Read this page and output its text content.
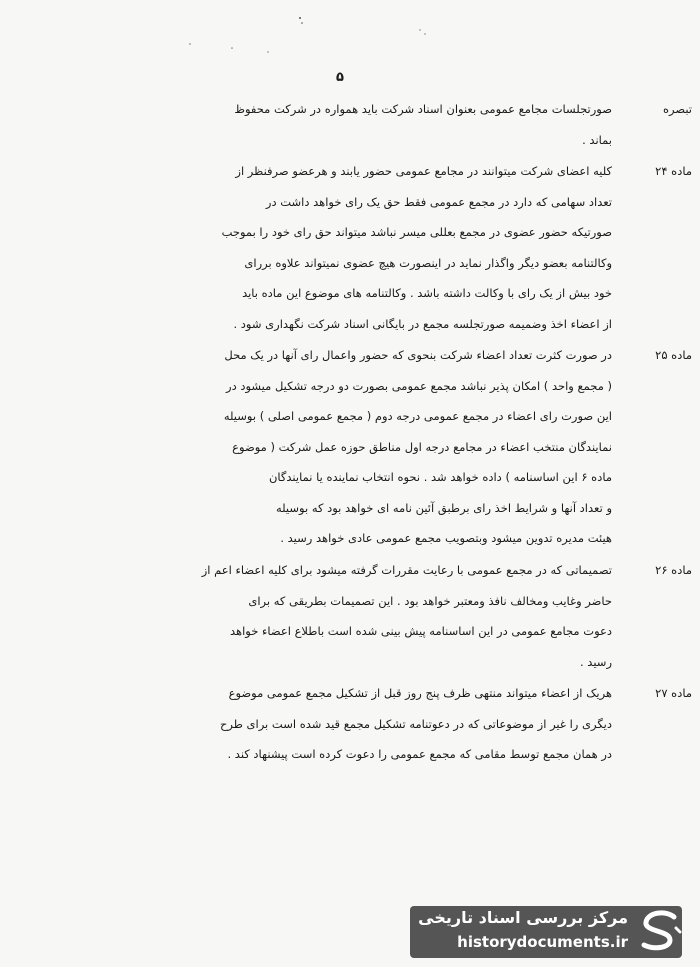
۵
تبصره
صورتجلسات مجامع عمومی بعنوان اسناد شرکت باید همواره در شرکت محفوظ
بماند .
ماده ۲۴
کلیه اعضای شرکت میتوانند در مجامع عمومی حضور یابند و هرعضو صرفنظر از
تعداد سهامی که دارد در مجمع عمومی فقط حق یک رای خواهد داشت در
صورتیکه حضور عضوی در مجمع بعللی میسر نباشد میتواند حق رای خود را بموجب
وکالتنامه بعضو دیگر واگذار نماید در اینصورت هیچ عضوی نمیتواند علاوه بررای
خود بیش از یک رای با وکالت داشته باشد . وکالتنامه های موضوع این ماده باید
از اعضاء اخذ وضمیمه صورتجلسه مجمع در بایگانی اسناد شرکت نگهداری شود .
ماده ۲۵
در صورت کثرت تعداد اعضاء شرکت بنحوی که حضور واعمال رای آنها در یک محل
( مجمع واحد ) امکان پذیر نباشد مجمع عمومی بصورت دو درجه تشکیل میشود در
این صورت رای اعضاء در مجمع عمومی درجه دوم ( مجمع عمومی اصلی ) بوسیله
نمایندگان منتخب اعضاء در مجامع درجه اول مناطق حوزه عمل شرکت ( موضوع
ماده ۶ این اساسنامه ) داده خواهد شد . نحوه انتخاب نماینده یا نمایندگان
و تعداد آنها و شرایط اخذ رای برطبق آئین نامه ای خواهد بود که بوسیله
هیئت مدیره تدوین میشود وبتصویب مجمع عمومی عادی خواهد رسید .
ماده ۲۶
تصمیماتی که در مجمع عمومی با رعایت مقررات گرفته میشود برای کلیه اعضاء اعم از
حاضر وغایب ومخالف نافذ ومعتبر خواهد بود . این تصمیمات بطریقی که برای
دعوت مجامع عمومی در این اساسنامه پیش بینی شده است باطلاع اعضاء خواهد
رسید .
ماده ۲۷
هریک از اعضاء میتواند منتهی ظرف پنج روز قبل از تشکیل مجمع عمومی موضوع
دیگری را غیر از موضوعاتی که در دعوتنامه تشکیل مجمع قید شده است برای طرح
در همان مجمع توسط مقامی که مجمع عمومی را دعوت کرده است پیشنهاد کند .
مرکز بررسی اسناد تاریخی
historydocuments.ir
